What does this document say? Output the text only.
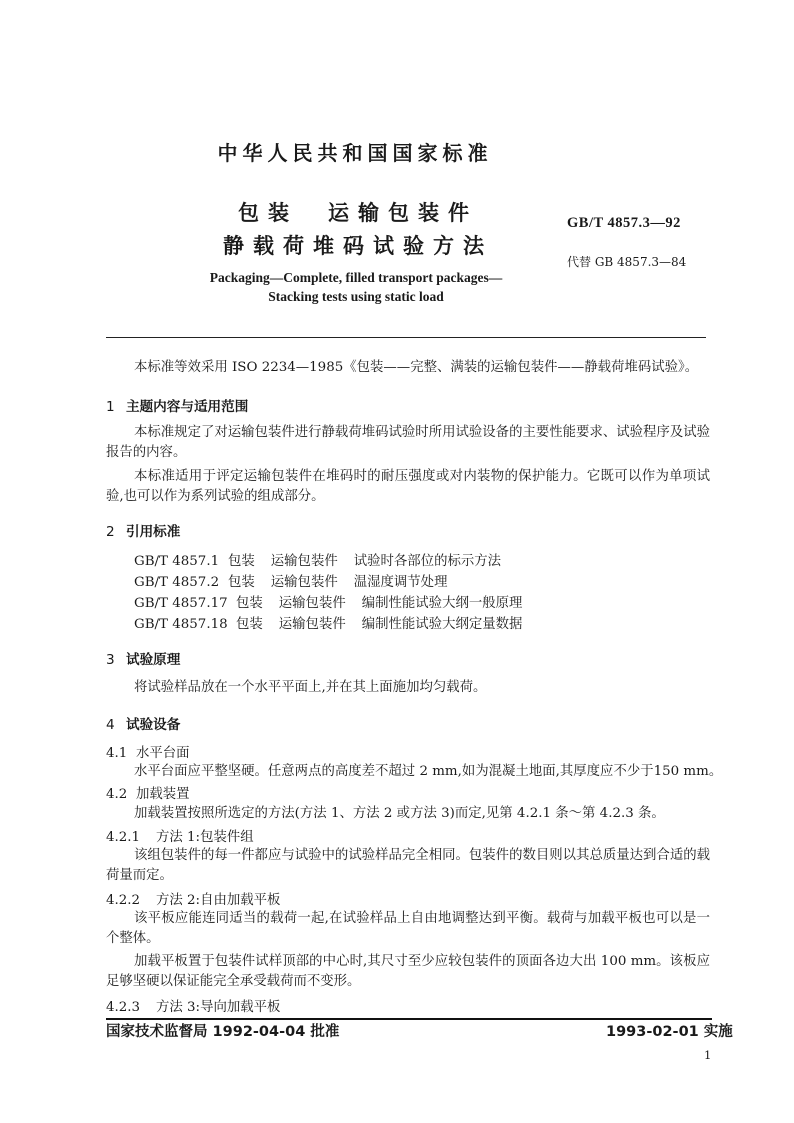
中华人民共和国国家标准
包装　运输包装件
静载荷堆码试验方法
GB/T 4857.3—92
代替 GB 4857.3—84
Packaging—Complete, filled transport packages—
Stacking tests using static load
本标准等效采用 ISO 2234—1985《包装——完整、满装的运输包装件——静载荷堆码试验》。
1 主题内容与适用范围
本标准规定了对运输包装件进行静载荷堆码试验时所用试验设备的主要性能要求、试验程序及试验报告的内容。
本标准适用于评定运输包装件在堆码时的耐压强度或对内装物的保护能力。它既可以作为单项试验,也可以作为系列试验的组成部分。
2 引用标准
GB/T 4857.1 包装 运输包装件 试验时各部位的标示方法
GB/T 4857.2 包装 运输包装件 温湿度调节处理
GB/T 4857.17 包装 运输包装件 编制性能试验大纲一般原理
GB/T 4857.18 包装 运输包装件 编制性能试验大纲定量数据
3 试验原理
将试验样品放在一个水平平面上,并在其上面施加均匀载荷。
4 试验设备
4.1 水平台面
水平台面应平整坚硬。任意两点的高度差不超过 2 mm,如为混凝土地面,其厚度应不少于150 mm。
4.2 加载装置
加载装置按照所选定的方法(方法 1、方法 2 或方法 3)而定,见第 4.2.1 条～第 4.2.3 条。
4.2.1 方法 1:包装件组
该组包装件的每一件都应与试验中的试验样品完全相同。包装件的数目则以其总质量达到合适的载荷量而定。
4.2.2 方法 2:自由加载平板
该平板应能连同适当的载荷一起,在试验样品上自由地调整达到平衡。载荷与加载平板也可以是一个整体。
加载平板置于包装件试样顶部的中心时,其尺寸至少应较包装件的顶面各边大出 100 mm。该板应足够坚硬以保证能完全承受载荷而不变形。
4.2.3 方法 3:导向加载平板
国家技术监督局 1992-04-04 批准	1993-02-01 实施
1
